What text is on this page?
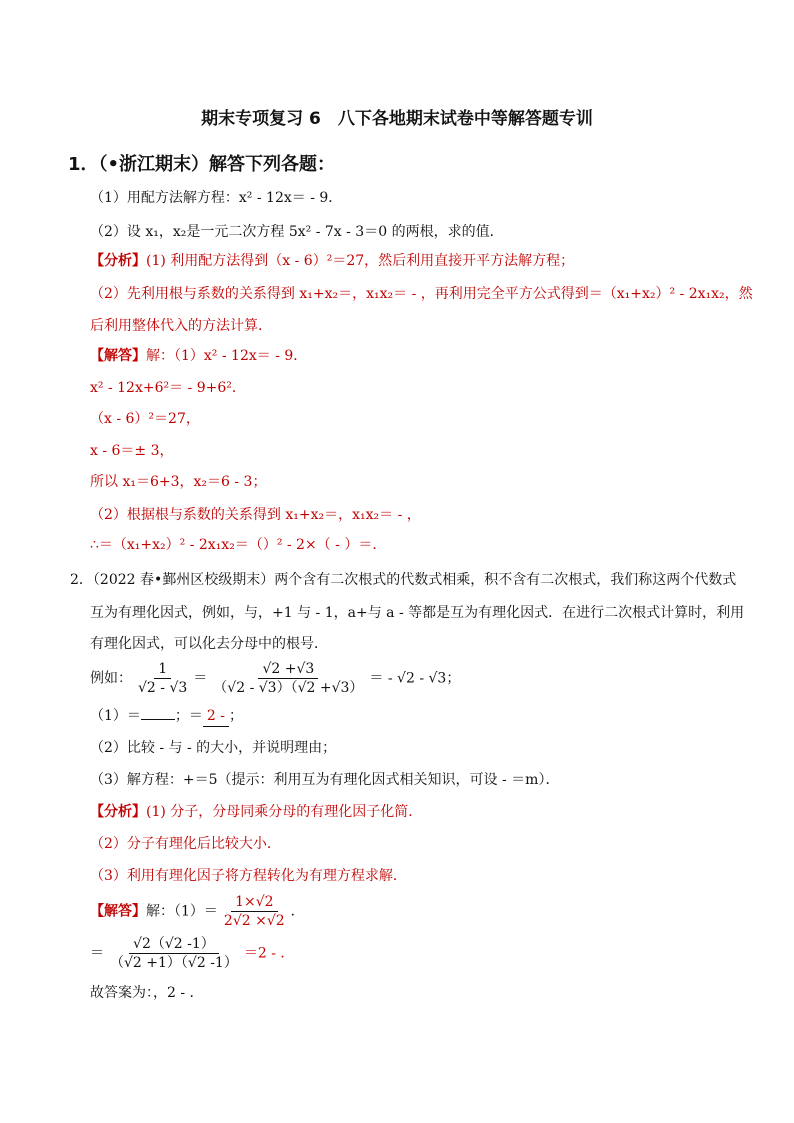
期末专项复习 6　八下各地期末试卷中等解答题专训
1．（•浙江期末）解答下列各题：
（1）用配方法解方程：x² - 12x＝ - 9．
（2）设 x₁，x₂是一元二次方程 5x² - 7x - 3＝0 的两根，求的值．
【分析】(1) 利用配方法得到（x - 6）²＝27，然后利用直接开平方法解方程；
（2）先利用根与系数的关系得到 x₁+x₂＝，x₁x₂＝ - ，再利用完全平方公式得到＝（x₁+x₂）² - 2x₁x₂，然
后利用整体代入的方法计算．
【解答】解：（1）x² - 12x＝ - 9．
x² - 12x+6²＝ - 9+6²．
（x - 6）²＝27，
x - 6＝± 3，
所以 x₁＝6+3，x₂＝6 - 3；
（2）根据根与系数的关系得到 x₁+x₂＝，x₁x₂＝ - ，
∴＝（x₁+x₂）² - 2x₁x₂＝（）² - 2×（ - ）＝．
2．（2022 春•鄞州区校级期末）两个含有二次根式的代数式相乘，积不含有二次根式，我们称这两个代数式
互为有理化因式，例如，与，+1 与 - 1，a+与 a - 等都是互为有理化因式．在进行二次根式计算时，利用
有理化因式，可以化去分母中的根号．
例如： $\frac{1}{√2 - √3} = \frac{√2 +√3}{(√2 - √3)(√2 +√3)}$ ＝ - √2 - √3；
（1）＝ ；＝ 2 -；
（2）比较 - 与 - 的大小，并说明理由；
（3）解方程：+＝5（提示：利用互为有理化因式相关知识，可设 - ＝m）．
【分析】(1) 分子，分母同乘分母的有理化因子化简．
（2）分子有理化后比较大小．
（3）利用有理化因子将方程转化为有理方程求解．
【解答】解：$(1)= \frac{1\times√2}{2√2 \times√2}$ ．
＝ $\frac{√2(√2 -1)}{(√2 +1)(√2 -1)} =2$ - ．
故答案为：，2 - ．
